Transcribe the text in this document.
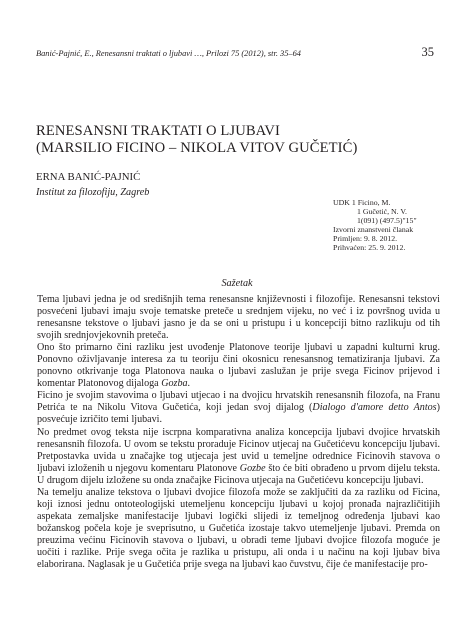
Banić-Pajnić, E., Renesansni traktati o ljubavi …, Prilozi 75 (2012), str. 35–64	35
RENESANSNI TRAKTATI O LJUBAVI
(MARSILIO FICINO – NIKOLA VITOV GUČETIĆ)
ERNA BANIĆ-PAJNIĆ
Institut za filozofiju, Zagreb
UDK 1 Ficino, M.
1 Gučetić, N. V.
1(091) (497.5)"15"
Izvorni znanstveni članak
Primljen: 9. 8. 2012.
Prihvaćen: 25. 9. 2012.
Sažetak

Tema ljubavi jedna je od središnjih tema renesansne književnosti i filozofije. Renesansni tekstovi posvećeni ljubavi imaju svoje tematske preteče u srednjem vijeku, no već i iz površnog uvida u renesansne tekstove o ljubavi jasno je da se oni u pristupu i u koncepciji bitno razlikuju od tih svojih srednjovjekovnih preteča.

Ono što primarno čini razliku jest uvođenje Platonove teorije ljubavi u zapadni kulturni krug. Ponovno oživljavanje interesa za tu teoriju čini okosnicu renesansnog tematiziranja ljubavi. Za ponovno otkrivanje toga Platonova nauka o ljubavi zaslužan je prije svega Ficinov prijevod i komentar Platonovog dijaloga Gozba.

Ficino je svojim stavovima o ljubavi utjecao i na dvojicu hrvatskih renesansnih filozofa, na Franu Petrića te na Nikolu Vitova Gučetića, koji jedan svoj dijalog (Dialogo d'amore detto Antos) posvećuje izričito temi ljubavi.

No predmet ovog teksta nije iscrpna komparativna analiza koncepcija ljubavi dvojice hrvatskih renesansnih filozofa. U ovom se tekstu proraduje Ficinov utjecaj na Gučetićevu koncepciju ljubavi. Pretpostavka uvida u značajke tog utjecaja jest uvid u temeljne odrednice Ficinovih stavova o ljubavi izloženih u njegovu komentaru Platonove Gozbe što će biti obrađeno u prvom dijelu teksta. U drugom dijelu izložene su onda značajke Ficinova utjecaja na Gučetićevu koncepciju ljubavi.

Na temelju analize tekstova o ljubavi dvojice filozofa može se zaključiti da za razliku od Ficina, koji iznosi jednu ontoteologijski utemeljenu koncepciju ljubavi u kojoj pronađa najrazličitijih aspekata zemaljske manifestacije ljubavi logički slijedi iz temeljnog određenja ljubavi kao božanskog počela koje je sveprisutno, u Gučetića izostaje takvo utemeljenje ljubavi. Premda on preuzima većinu Ficinovih stavova o ljubavi, u obradi teme ljubavi dvojice filozofa moguće je uočiti i razlike. Prije svega očita je razlika u pristupu, ali onda i u načinu na koji ljubav biva elaborirana. Naglasak je u Gučetića prije svega na ljubavi kao čuvstvu, čije će manifestacije pro-
